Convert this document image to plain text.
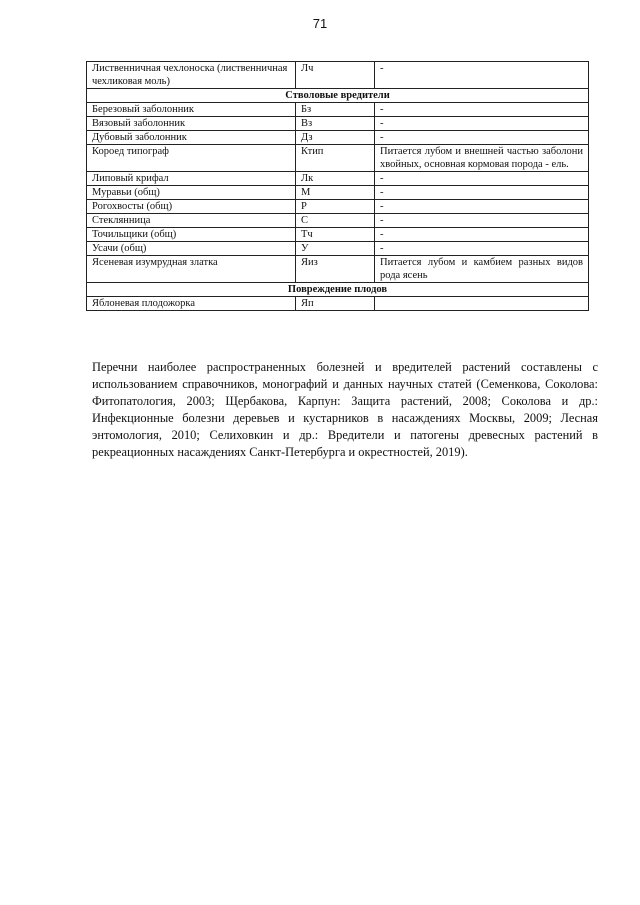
71
Лиственничная чехлоноска (лиственничная чехликовая моль)	Лч	-
Стволовые вредители		
Березовый заболонник	Бз	-
Вязовый заболонник	Вз	-
Дубовый заболонник	Дз	-
Короед типограф	Ктип	Питается лубом и внешней частью заболони хвойных, основная кормовая порода - ель.
Липовый крифал	Лк	-
Муравьи (общ)	М	-
Рогохвосты (общ)	Р	-
Стеклянница	С	-
Точильщики (общ)	Тч	-
Усачи (общ)	У	-
Ясеневая изумрудная златка	Яиз	Питается лубом и камбием разных видов рода ясень
Повреждение плодов		
Яблоневая плодожорка	Яп	

Перечни наиболее распространенных болезней и вредителей растений составлены с использованием справочников, монографий и данных научных статей (Семенкова, Соколова: Фитопатология, 2003; Щербакова, Карпун: Защита растений, 2008; Соколова и др.: Инфекционные болезни деревьев и кустарников в насаждениях Москвы, 2009; Лесная энтомология, 2010; Селиховкин и др.: Вредители и патогены древесных растений в рекреационных насаждениях Санкт-Петербурга и окрестностей, 2019).
